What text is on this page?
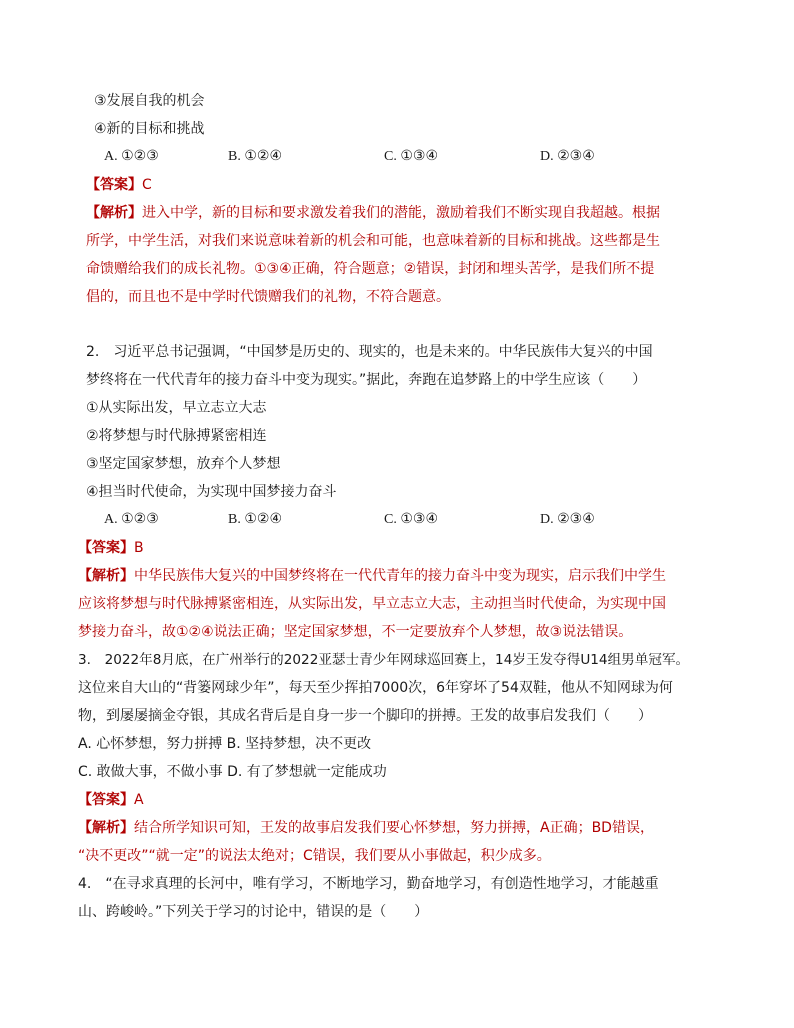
③发展自我的机会
④新的目标和挑战
A. ①②③	B. ①②④	C. ①③④	D. ②③④
【答案】C
【解析】进入中学，新的目标和要求激发着我们的潜能，激励着我们不断实现自我超越。根据
所学，中学生活，对我们来说意味着新的机会和可能，也意味着新的目标和挑战。这些都是生
命馈赠给我们的成长礼物。①③④正确，符合题意；②错误，封闭和埋头苦学，是我们所不提
倡的，而且也不是中学时代馈赠我们的礼物，不符合题意。
2.　习近平总书记强调，“中国梦是历史的、现实的，也是未来的。中华民族伟大复兴的中国
梦终将在一代代青年的接力奋斗中变为现实。”据此，奔跑在追梦路上的中学生应该（　　）
①从实际出发，早立志立大志
②将梦想与时代脉搏紧密相连
③坚定国家梦想，放弃个人梦想
④担当时代使命，为实现中国梦接力奋斗
A. ①②③	B. ①②④	C. ①③④	D. ②③④
【答案】B
【解析】中华民族伟大复兴的中国梦终将在一代代青年的接力奋斗中变为现实，启示我们中学生
应该将梦想与时代脉搏紧密相连，从实际出发，早立志立大志，主动担当时代使命，为实现中国
梦接力奋斗，故①②④说法正确；坚定国家梦想，不一定要放弃个人梦想，故③说法错误。
3.　2022年8月底，在广州举行的2022亚瑟士青少年网球巡回赛上，14岁王发夺得U14组男单冠军。
这位来自大山的“背篓网球少年”，每天至少挥拍7000次，6年穿坏了54双鞋，他从不知网球为何
物，到屡屡摘金夺银，其成名背后是自身一步一个脚印的拼搏。王发的故事启发我们（　　）
A. 心怀梦想，努力拼搏 B. 坚持梦想，决不更改
C. 敢做大事，不做小事 D. 有了梦想就一定能成功
【答案】A
【解析】结合所学知识可知，王发的故事启发我们要心怀梦想，努力拼搏，A正确；BD错误，
“决不更改”“就一定”的说法太绝对；C错误，我们要从小事做起，积少成多。
4.　“在寻求真理的长河中，唯有学习，不断地学习，勤奋地学习，有创造性地学习，才能越重
山、跨峻岭。”下列关于学习的讨论中，错误的是（　　）
